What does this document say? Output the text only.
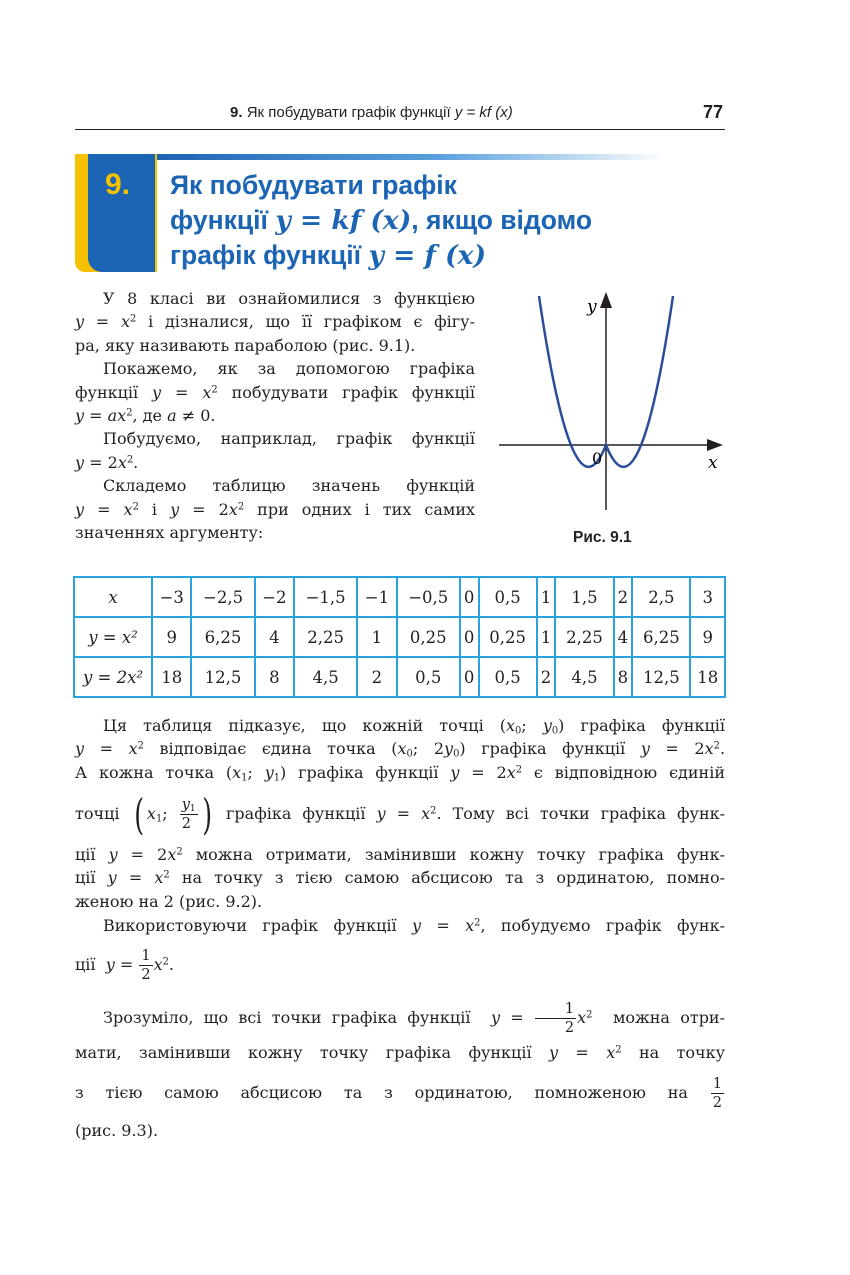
9. Як побудувати графік функції y = kf (x)	77
9. Як побудувати графік
функції y = kf (x), якщо відомо
графік функції y = f (x)
У 8 класі ви ознайомилися з функцією
$y = x^2$ і дізналися, що її графіком є фігу-
ра, яку називають параболою (рис. 9.1).
Покажемо, як за допомогою графіка
функції $y = x^2$ побудувати графік функції
$y = ax^2$, де a ≠ 0.
Побудуємо, наприклад, графік функції
$y = 2x^2$.
Складемо таблицю значень функцій
$y = x^2$ і $y = 2x^2$ при одних і тих самих
значеннях аргументу:
y
x
0
Рис. 9.1
x	−3	−2,5	−2	−1,5	−1	−0,5	0	0,5	1	1,5	2	2,5	3
y = x²	9	6,25	4	2,25	1	0,25	0	0,25	1	2,25	4	6,25	9
y = 2x²	18	12,5	8	4,5	2	0,5	0	0,5	2	4,5	8	12,5	18
Ця таблиця підказує, що кожній точці ($x_0$; $y_0$) графіка функції
$y = x^2$ відповідає єдина точка ($x_0$; $2y_0$) графіка функції $y = 2x^2$.
А кожна точка ($x_1$; $y_1$) графіка функції $y = 2x^2$ є відповідною єдиній
точці ( $x_1$; $\frac{y_1}{2}$ ) графіка функції $y = x^2$. Тому всі точки графіка функ-
ції $y = 2x^2$ можна отримати, замінивши кожну точку графіка функ-
ції $y = x^2$ на точку з тією самою абсцисою та з ординатою, помно-
женою на 2 (рис. 9.2).
Використовуючи графік функції $y = x^2$, побудуємо графік функ-
ції  $y = \frac{1}{2} x^2$.
Зрозуміло, що всі точки графіка функції  $y = \frac{1}{2} x^2$  можна отри-
мати, замінивши кожну точку графіка функції $y = x^2$ на точку
з тією самою абсцисою та з ординатою, помноженою на $\frac{1}{2}$
(рис. 9.3).
